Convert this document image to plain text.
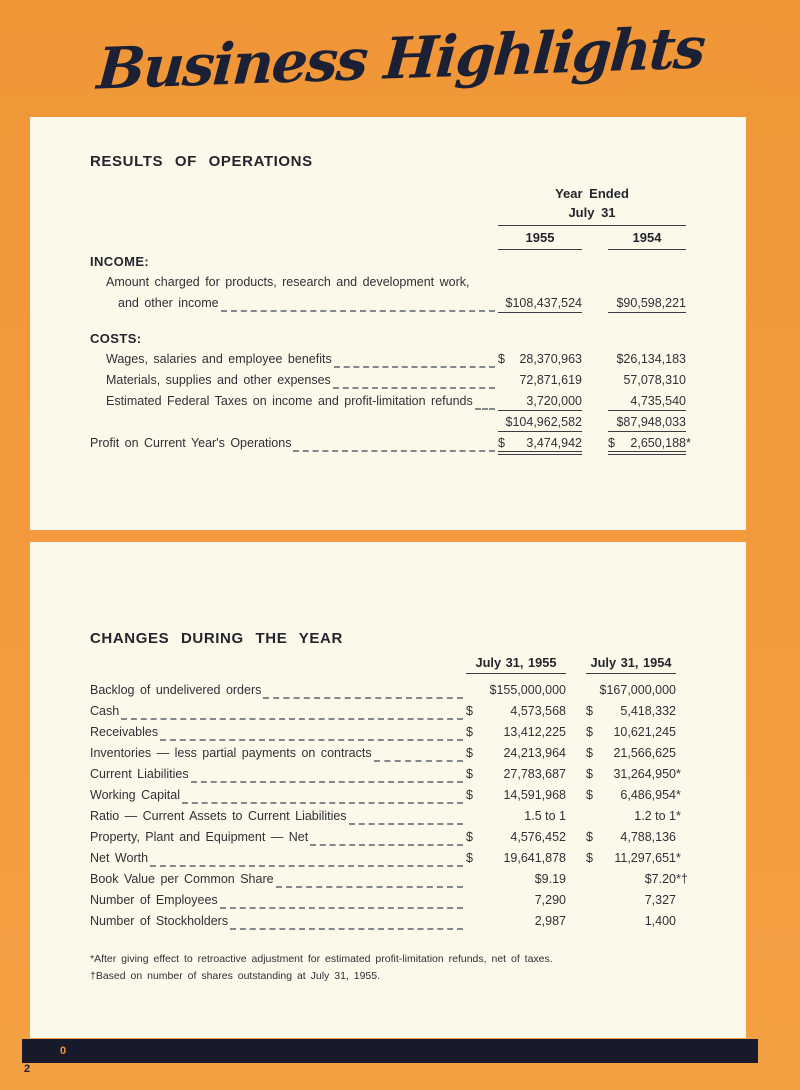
Business Highlights
RESULTS OF OPERATIONS
Year Ended
July 31
1955	1954
INCOME:
Amount charged for products, research and development work,
and other income	$108,437,524	$90,598,221
COSTS:
Wages, salaries and employee benefits	$ 28,370,963	$26,134,183
Materials, supplies and other expenses	72,871,619	57,078,310
Estimated Federal Taxes on income and profit-limitation refunds	3,720,000	4,735,540
$104,962,582	$87,948,033
Profit on Current Year's Operations	$ 3,474,942 $ 2,650,188 *
CHANGES DURING THE YEAR
July 31, 1955	July 31, 1954
Backlog of undelivered orders	$155,000,000	$167,000,000
Cash	$	4,573,568 $ 5,418,332
Receivables	$ 13,412,225 $ 10,621,245
Inventories — less partial payments on contracts	$ 24,213,964 $ 21,566,625
Current Liabilities	$ 27,783,687 $ 31,264,950 *
Working Capital	$ 14,591,968 $ 6,486,954 *
Ratio — Current Assets to Current Liabilities	1.5 to 1	1.2 to 1 *
Property, Plant and Equipment — Net	$	4,576,452 $ 4,788,136
Net Worth	$ 19,641,878 $ 11,297,651 *
Book Value per Common Share	$9.19	$7.20 *†
Number of Employees	7,290	7,327
Number of Stockholders	2,987	1,400
*After giving effect to retroactive adjustment for estimated profit-limitation refunds, net of taxes.
†Based on number of shares outstanding at July 31, 1955.
0
2
